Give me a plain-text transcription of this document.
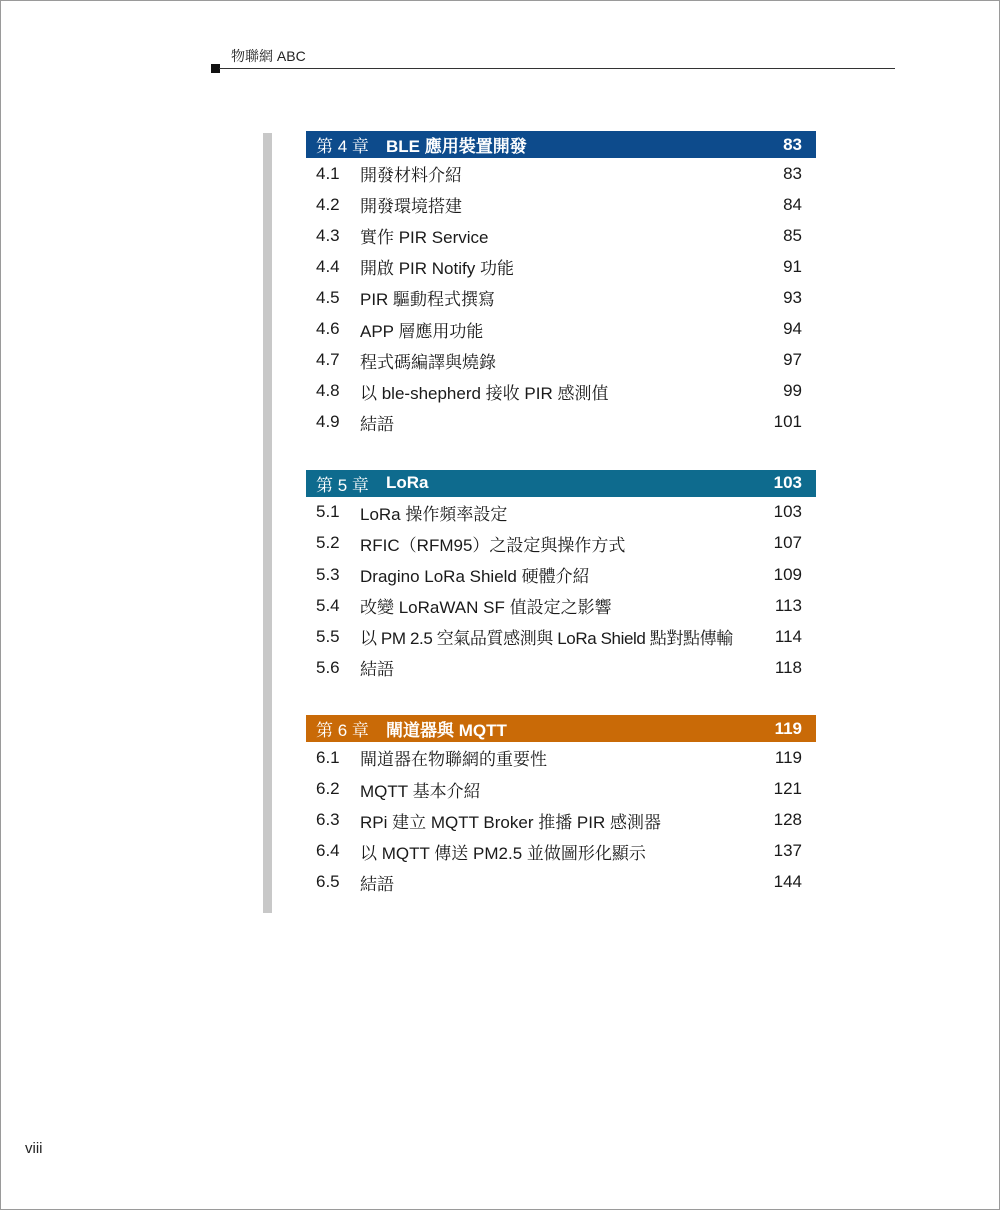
物聯網 ABC
第 4 章	BLE 應用裝置開發	83
4.1	開發材料介紹	83
4.2	開發環境搭建	84
4.3	實作 PIR Service	85
4.4	開啟 PIR Notify 功能	91
4.5	PIR 驅動程式撰寫	93
4.6	APP 層應用功能	94
4.7	程式碼編譯與燒錄	97
4.8	以 ble-shepherd 接收 PIR 感測值	99
4.9	結語	101
第 5 章	LoRa	103
5.1	LoRa 操作頻率設定	103
5.2	RFIC（RFM95）之設定與操作方式	107
5.3	Dragino LoRa Shield 硬體介紹	109
5.4	改變 LoRaWAN SF 值設定之影響	113
5.5	以 PM 2.5 空氣品質感測與 LoRa Shield 點對點傳輸	114
5.6	結語	118
第 6 章	閘道器與 MQTT	119
6.1	閘道器在物聯網的重要性	119
6.2	MQTT 基本介紹	121
6.3	RPi 建立 MQTT Broker 推播 PIR 感測器	128
6.4	以 MQTT 傳送 PM2.5 並做圖形化顯示	137
6.5	結語	144
viii
